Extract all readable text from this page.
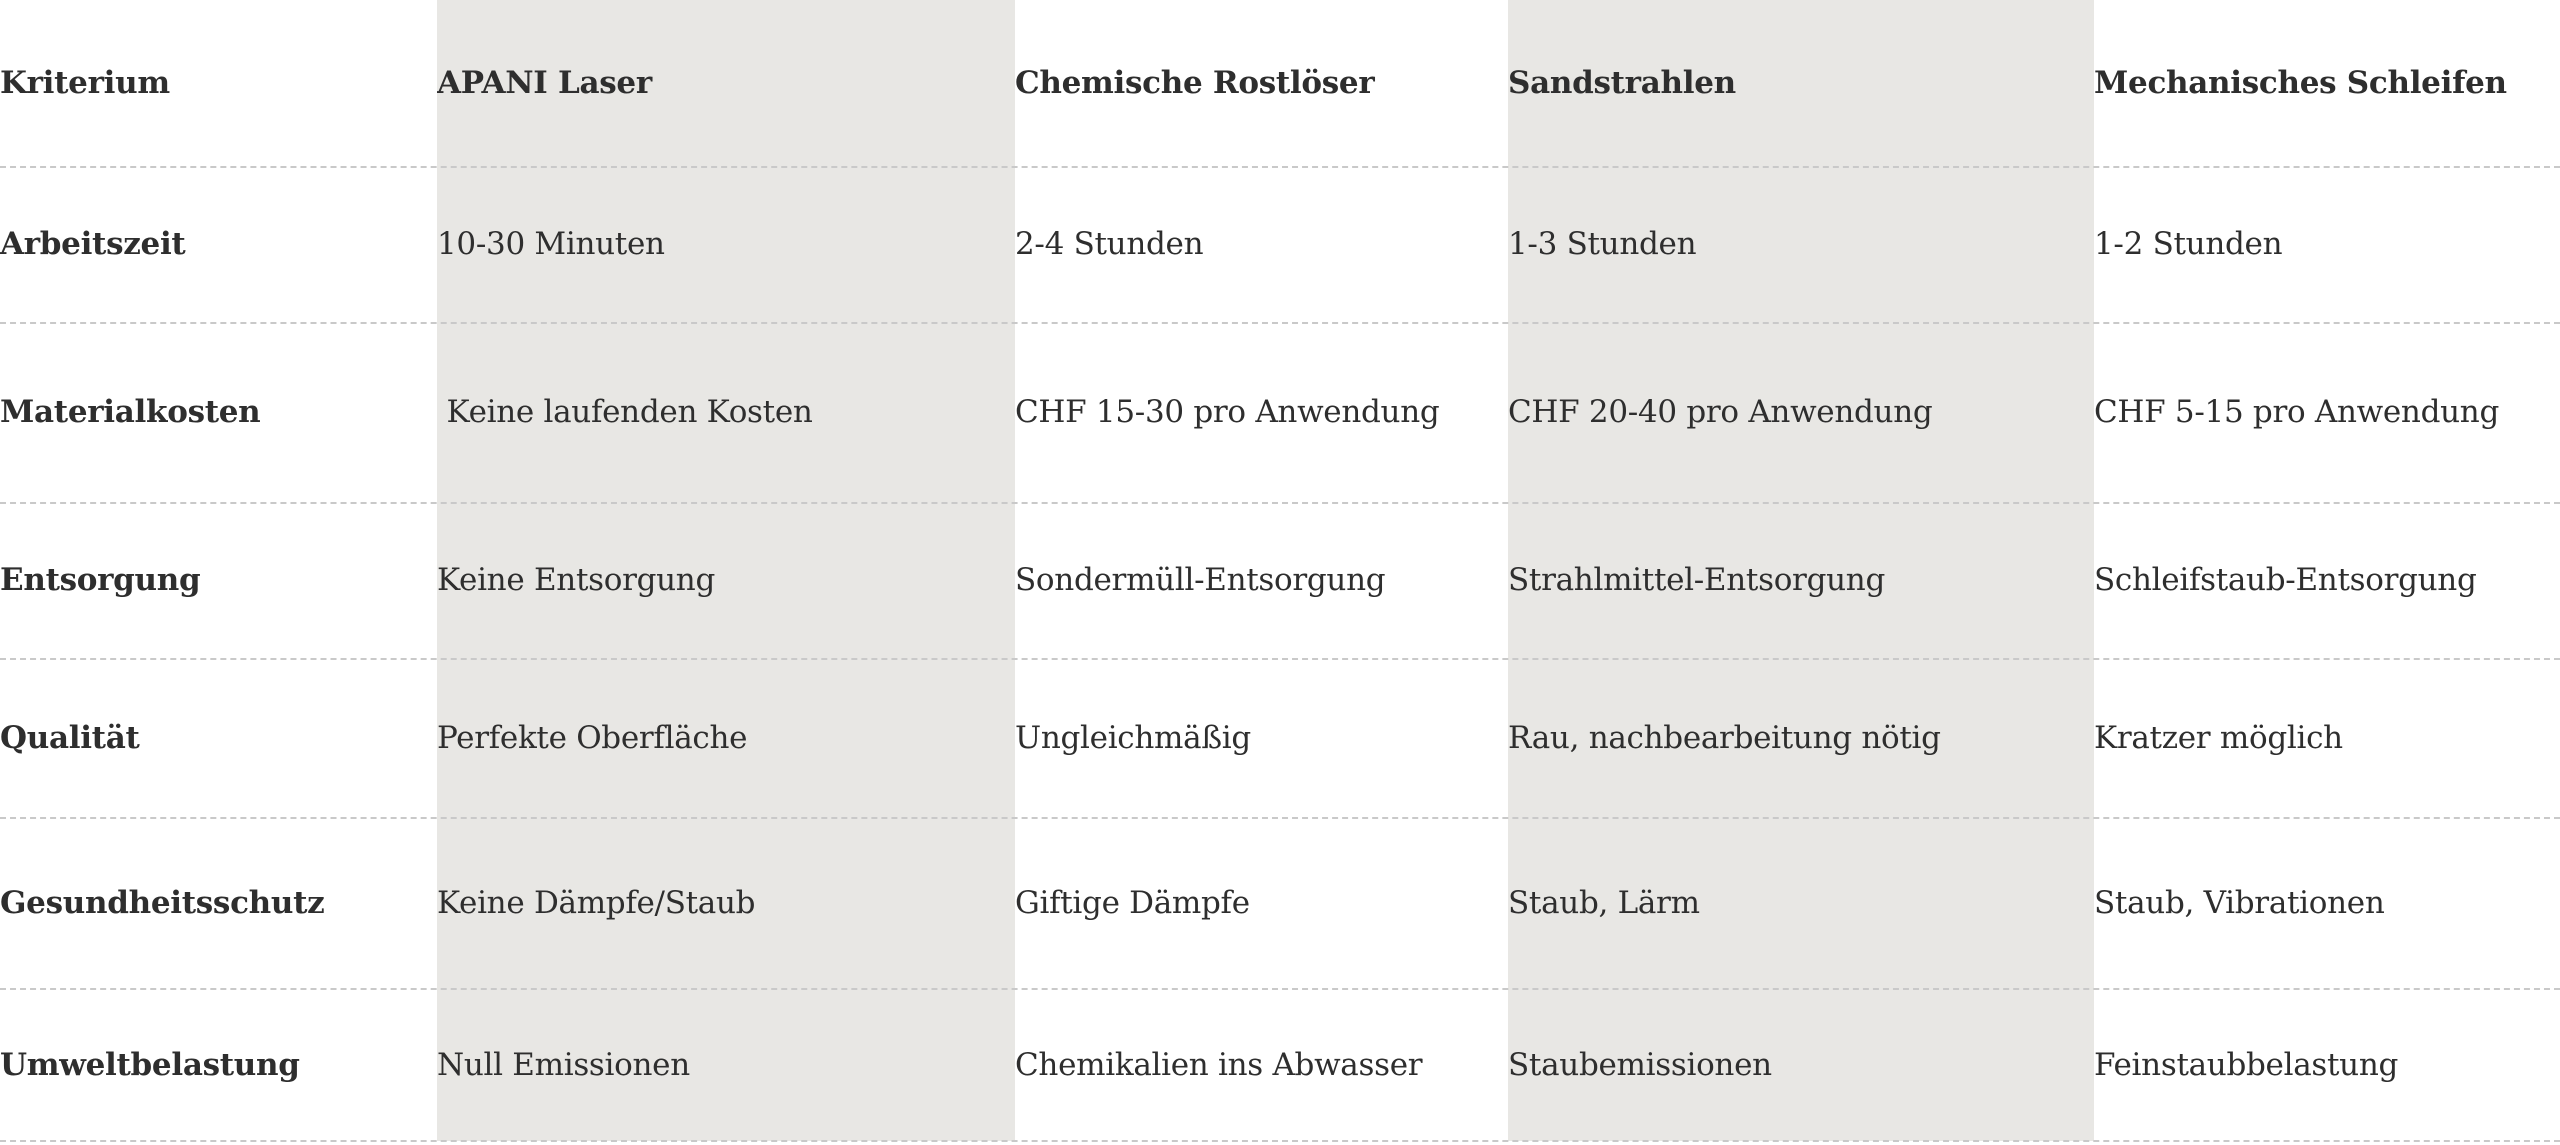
Kriterium	APANI Laser	Chemische Rostlöser	Sandstrahlen	Mechanisches Schleifen
Arbeitszeit	10-30 Minuten	2-4 Stunden	1-3 Stunden	1-2 Stunden
Materialkosten	Keine laufenden Kosten	CHF 15-30 pro Anwendung	CHF 20-40 pro Anwendung	CHF 5-15 pro Anwendung
Entsorgung	Keine Entsorgung	Sondermüll-Entsorgung	Strahlmittel-Entsorgung	Schleifstaub-Entsorgung
Qualität	Perfekte Oberfläche	Ungleichmäßig	Rau, nachbearbeitung nötig	Kratzer möglich
Gesundheitsschutz	Keine Dämpfe/Staub	Giftige Dämpfe	Staub, Lärm	Staub, Vibrationen
Umweltbelastung	Null Emissionen	Chemikalien ins Abwasser	Staubemissionen	Feinstaubbelastung
